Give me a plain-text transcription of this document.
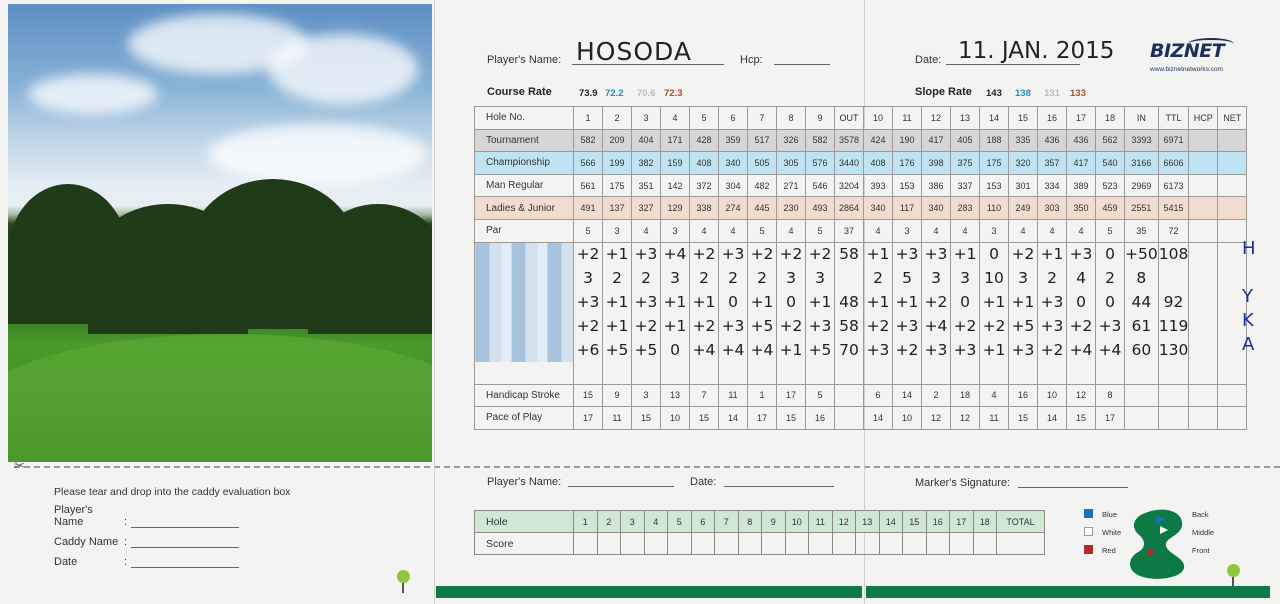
✂
Please tear and drop into the caddy evaluation box
Player's Name	:
Caddy Name :
Date	:
Player's Name: HOSODA	Hcp:	Date: 11. JAN. 2015 BIZNET
www.biznetnetworks.com
Course Rate	73.9 72.2 70.6 72.3	Slope Rate 143 138 131 133
Hole No.	1	2	3	4	5	6	7	8	9	OUT	10	11	12	13	14	15	16	17	18	IN	TTL	HCP	NET
Tournament	582	209	404	171	428	359	517	326	582	3578	424	190	417	405	188	335	436	436	562	3393	6971		
Championship	566	199	382	159	408	340	505	305	576	3440	408	176	398	375	175	320	357	417	540	3166	6606		
Man Regular	561	175	351	142	372	304	482	271	546	3204	393	153	386	337	153	301	334	389	523	2969	6173		
Ladies & Junior	491	137	327	129	338	274	445	230	493	2864	340	117	340	283	110	249	303	350	459	2551	5415		
Par	5	3	4	3	4	4	5	4	5	37	4	3	4	4	3	4	4	4	5	35	72		
	+2	+1	+3	+4	+2	+3	+2	+2	+2	58	+1	+3	+3	+1	0	+2	+1	+3	0	+50	108		
	3	2	2	3	2	2	2	3	3		2	5	3	3	10	3	2	4	2	8			
	+3	+1	+3	+1	+1	0	+1	0	+1	48	+1	+1	+2	0	+1	+1	+3	0	0	44	92		
	+2	+1	+2	+1	+2	+3	+5	+2	+3	58	+2	+3	+4	+2	+2	+5	+3	+2	+3	61	119		
	+6	+5	+5	0	+4	+4	+4	+1	+5	70	+3	+2	+3	+3	+1	+3	+2	+4	+4	60	130		

Handicap Stroke	15	9	3	13	7	11	1	17	5		6	14	2	18	4	16	10	12	8				
Pace of Play	17	11	15	10	15	14	17	15	16		14	10	12	12	11	15	14	15	17				
H
Y
K
A
Player's Name:	Date:	Marker's Signature:
Hole	1	2	3	4	5	6	7	8	9	10	11	12	13	14	15	16	17	18	TOTAL
Score																			
Blue
White
Red
Back
Middle
Front
